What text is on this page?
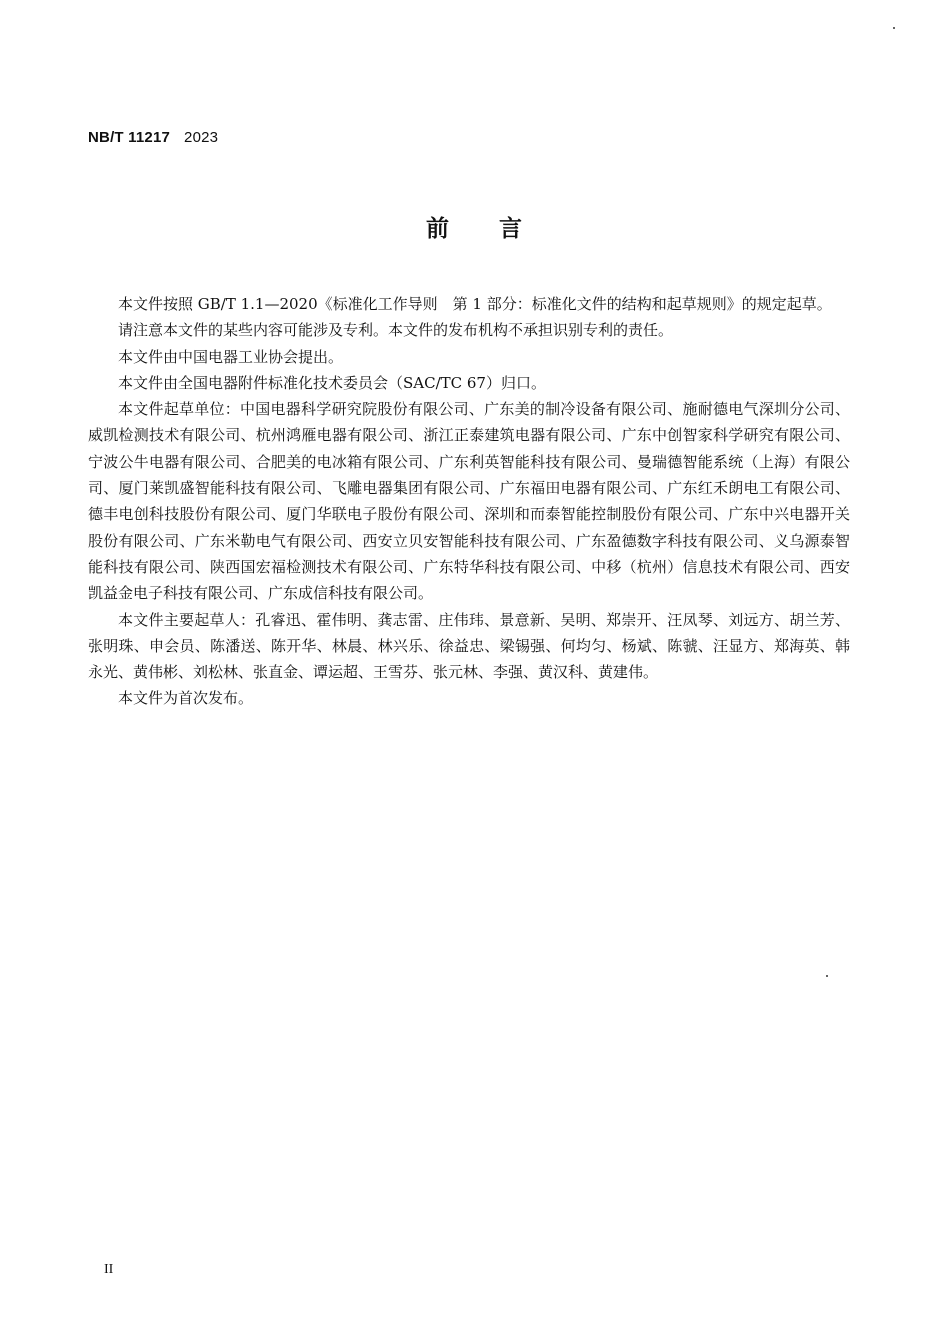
NB/T 11217 2023
前 言

本文件按照 GB/T 1.1—2020《标准化工作导则　第 1 部分：标准化文件的结构和起草规则》的规定起草。

请注意本文件的某些内容可能涉及专利。本文件的发布机构不承担识别专利的责任。

本文件由中国电器工业协会提出。

本文件由全国电器附件标准化技术委员会（SAC/TC 67）归口。

本文件起草单位：中国电器科学研究院股份有限公司、广东美的制冷设备有限公司、施耐德电气深圳分公司、威凯检测技术有限公司、杭州鸿雁电器有限公司、浙江正泰建筑电器有限公司、广东中创智家科学研究有限公司、宁波公牛电器有限公司、合肥美的电冰箱有限公司、广东利英智能科技有限公司、曼瑞德智能系统（上海）有限公司、厦门莱凯盛智能科技有限公司、飞雕电器集团有限公司、广东福田电器有限公司、广东红禾朗电工有限公司、德丰电创科技股份有限公司、厦门华联电子股份有限公司、深圳和而泰智能控制股份有限公司、广东中兴电器开关股份有限公司、广东米勒电气有限公司、西安立贝安智能科技有限公司、广东盈德数字科技有限公司、义乌源泰智能科技有限公司、陕西国宏福检测技术有限公司、广东特华科技有限公司、中移（杭州）信息技术有限公司、西安凯益金电子科技有限公司、广东成信科技有限公司。

本文件主要起草人：孔睿迅、霍伟明、龚志雷、庄伟玮、景意新、吴明、郑崇开、汪凤琴、刘远方、胡兰芳、张明珠、申会员、陈潘送、陈开华、林晨、林兴乐、徐益忠、梁锡强、何均匀、杨斌、陈虢、汪显方、郑海英、韩永光、黄伟彬、刘松林、张直金、谭运超、王雪芬、张元林、李强、黄汉科、黄建伟。

本文件为首次发布。

II
